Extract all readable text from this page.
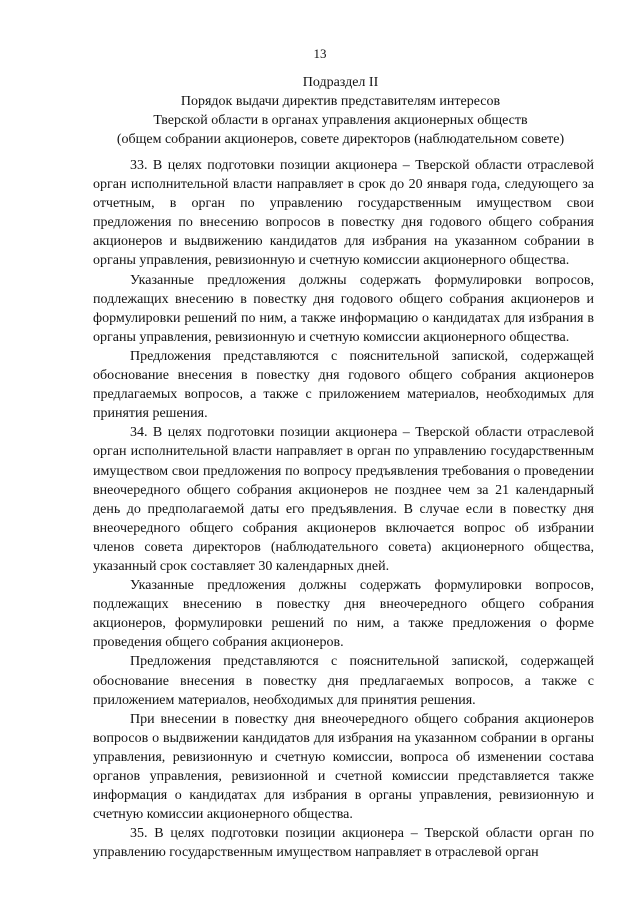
13
Подраздел II
Порядок выдачи директив представителям интересов
Тверской области в органах управления акционерных обществ
(общем собрании акционеров, совете директоров (наблюдательном совете)

33. В целях подготовки позиции акционера – Тверской области отраслевой орган исполнительной власти направляет в срок до 20 января года, следующего за отчетным, в орган по управлению государственным имуществом свои предложения по внесению вопросов в повестку дня годового общего собрания акционеров и выдвижению кандидатов для избрания на указанном собрании в органы управления, ревизионную и счетную комиссии акционерного общества.

Указанные предложения должны содержать формулировки вопросов, подлежащих внесению в повестку дня годового общего собрания акционеров и формулировки решений по ним, а также информацию о кандидатах для избрания в органы управления, ревизионную и счетную комиссии акционерного общества.

Предложения представляются с пояснительной запиской, содержащей обоснование внесения в повестку дня годового общего собрания акционеров предлагаемых вопросов, а также с приложением материалов, необходимых для принятия решения.

34. В целях подготовки позиции акционера – Тверской области отраслевой орган исполнительной власти направляет в орган по управлению государственным имуществом свои предложения по вопросу предъявления требования о проведении внеочередного общего собрания акционеров не позднее чем за 21 календарный день до предполагаемой даты его предъявления. В случае если в повестку дня внеочередного общего собрания акционеров включается вопрос об избрании членов совета директоров (наблюдательного совета) акционерного общества, указанный срок составляет 30 календарных дней.

Указанные предложения должны содержать формулировки вопросов, подлежащих внесению в повестку дня внеочередного общего собрания акционеров, формулировки решений по ним, а также предложения о форме проведения общего собрания акционеров.

Предложения представляются с пояснительной запиской, содержащей обоснование внесения в повестку дня предлагаемых вопросов, а также с приложением материалов, необходимых для принятия решения.

При внесении в повестку дня внеочередного общего собрания акционеров вопросов о выдвижении кандидатов для избрания на указанном собрании в органы управления, ревизионную и счетную комиссии, вопроса об изменении состава органов управления, ревизионной и счетной комиссии представляется также информация о кандидатах для избрания в органы управления, ревизионную и счетную комиссии акционерного общества.

35. В целях подготовки позиции акционера – Тверской области орган по управлению государственным имуществом направляет в отраслевой орган
